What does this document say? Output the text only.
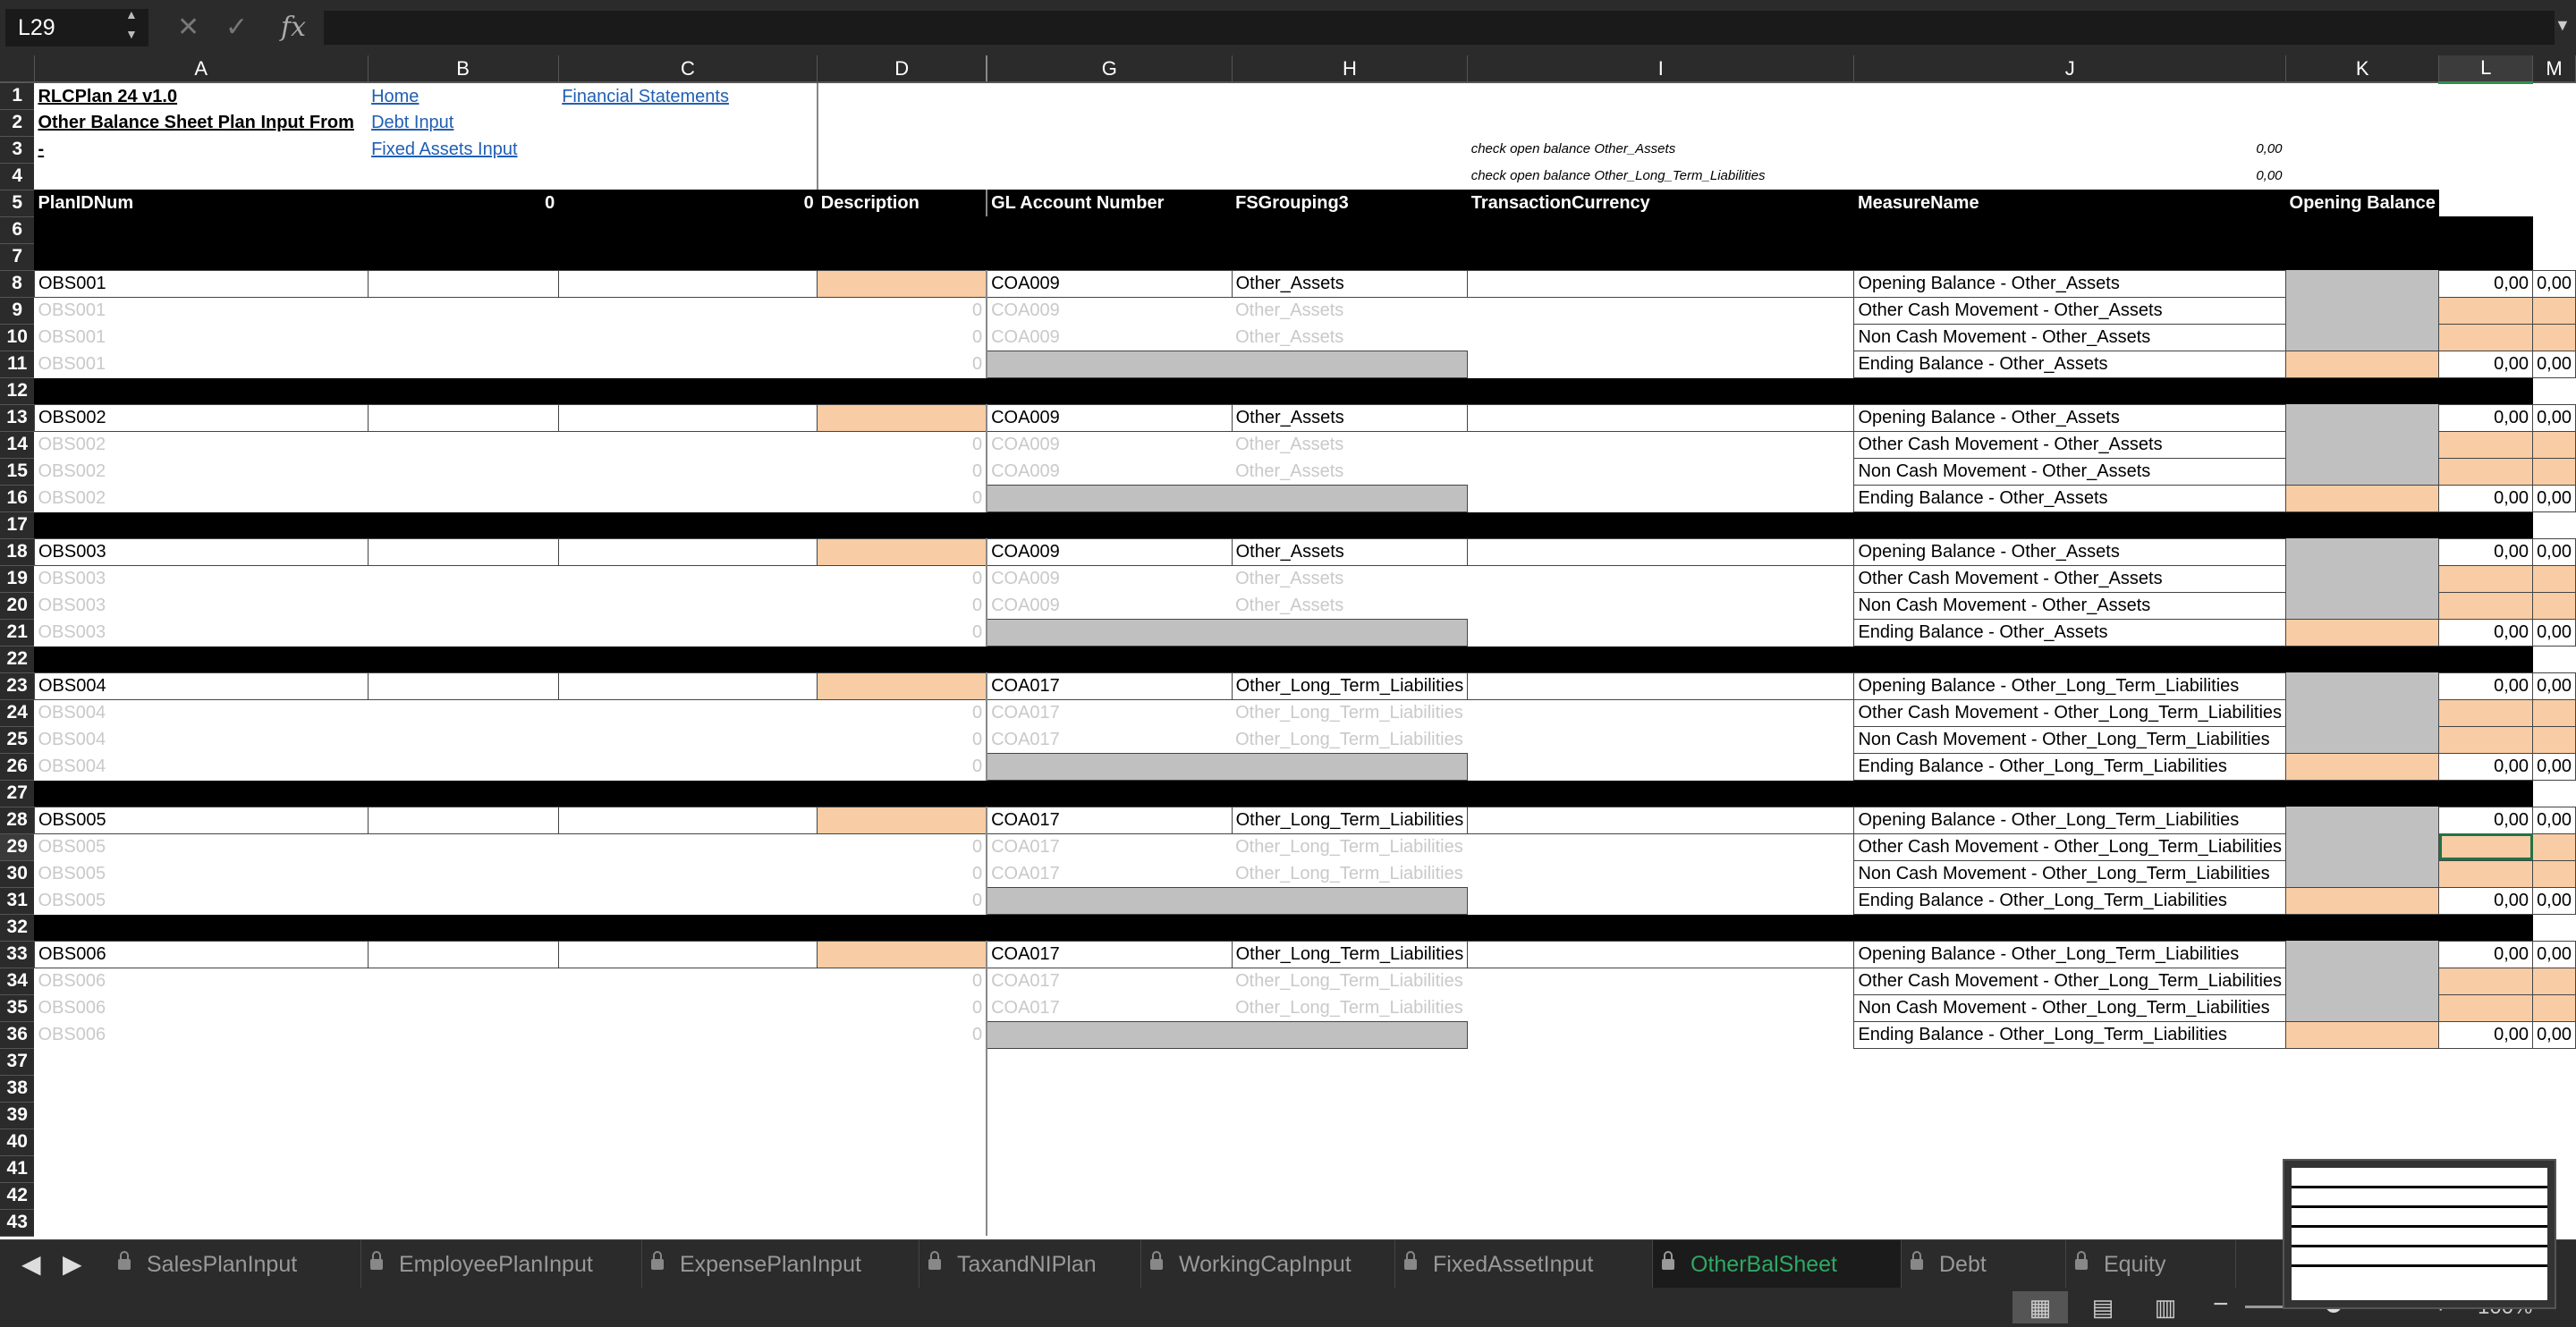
L29
▲
▼ ✕ ✓ fx	▼
	A	B	C	D	G	H	I	J	K	L	M
1	RLCPlan 24 v1.0	Home	Financial Statements								
2	Other Balance Sheet Plan Input From	Debt Input									
3	-	Fixed Assets Input					check open balance Other_Assets	0,00			
4							check open balance Other_Long_Term_Liabilities	0,00			
5	PlanIDNum	0	0	Description	GL Account Number	FSGrouping3	TransactionCurrency	MeasureName	Opening Balance		
6											
7											
8	OBS001				COA009	Other_Assets		Opening Balance - Other_Assets		0,00	0,00
9	OBS001			0	COA009	Other_Assets		Other Cash Movement - Other_Assets			
10	OBS001			0	COA009	Other_Assets		Non Cash Movement - Other_Assets			
11	OBS001			0				Ending Balance - Other_Assets		0,00	0,00
12											
13	OBS002				COA009	Other_Assets		Opening Balance - Other_Assets		0,00	0,00
14	OBS002			0	COA009	Other_Assets		Other Cash Movement - Other_Assets			
15	OBS002			0	COA009	Other_Assets		Non Cash Movement - Other_Assets			
16	OBS002			0				Ending Balance - Other_Assets		0,00	0,00
17											
18	OBS003				COA009	Other_Assets		Opening Balance - Other_Assets		0,00	0,00
19	OBS003			0	COA009	Other_Assets		Other Cash Movement - Other_Assets			
20	OBS003			0	COA009	Other_Assets		Non Cash Movement - Other_Assets			
21	OBS003			0				Ending Balance - Other_Assets		0,00	0,00
22											
23	OBS004				COA017	Other_Long_Term_Liabilities		Opening Balance - Other_Long_Term_Liabilities		0,00	0,00
24	OBS004			0	COA017	Other_Long_Term_Liabilities		Other Cash Movement - Other_Long_Term_Liabilities			
25	OBS004			0	COA017	Other_Long_Term_Liabilities		Non Cash Movement - Other_Long_Term_Liabilities			
26	OBS004			0				Ending Balance - Other_Long_Term_Liabilities		0,00	0,00
27											
28	OBS005				COA017	Other_Long_Term_Liabilities		Opening Balance - Other_Long_Term_Liabilities		0,00	0,00
29	OBS005			0	COA017	Other_Long_Term_Liabilities		Other Cash Movement - Other_Long_Term_Liabilities			
30	OBS005			0	COA017	Other_Long_Term_Liabilities		Non Cash Movement - Other_Long_Term_Liabilities			
31	OBS005			0				Ending Balance - Other_Long_Term_Liabilities		0,00	0,00
32											
33	OBS006				COA017	Other_Long_Term_Liabilities		Opening Balance - Other_Long_Term_Liabilities		0,00	0,00
34	OBS006			0	COA017	Other_Long_Term_Liabilities		Other Cash Movement - Other_Long_Term_Liabilities			
35	OBS006			0	COA017	Other_Long_Term_Liabilities		Non Cash Movement - Other_Long_Term_Liabilities			
36	OBS006			0				Ending Balance - Other_Long_Term_Liabilities		0,00	0,00
37											
38											
39											
40											
41											
42											
43											
◀ ▶	SalesPlanInput	EmployeePlanInput	ExpensePlanInput	TaxandNIPlan	WorkingCapInput	FixedAssetInput	OtherBalSheet	Debt	Equity
▦	▤	▥	−
